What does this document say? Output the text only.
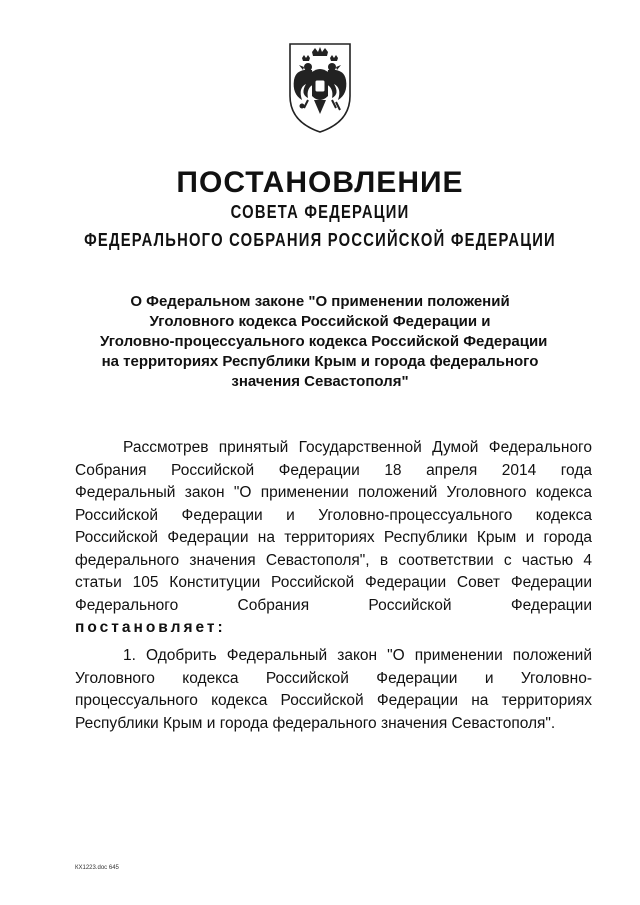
ПОСТАНОВЛЕНИЕ
СОВЕТА ФЕДЕРАЦИИ
ФЕДЕРАЛЬНОГО СОБРАНИЯ РОССИЙСКОЙ ФЕДЕРАЦИИ
О Федеральном законе "О применении положений
Уголовного кодекса Российской Федерации и
Уголовно-процессуального кодекса Российской Федерации
на территориях Республики Крым и города федерального
значения Севастополя"
Рассмотрев принятый Государственной Думой Федерального
Собрания Российской Федерации 18 апреля 2014 года
Федеральный закон "О применении положений Уголовного кодекса
Российской Федерации и Уголовно-процессуального кодекса
Российской Федерации на территориях Республики Крым и города
федерального значения Севастополя", в соответствии с частью 4
статьи 105 Конституции Российской Федерации Совет Федерации
Федерального Собрания Российской Федерации
постановляет:
1. Одобрить Федеральный закон "О применении положений
Уголовного кодекса Российской Федерации и Уголовно-
процессуального кодекса Российской Федерации на территориях
Республики Крым и города федерального значения Севастополя".
КХ1223.doc 645
